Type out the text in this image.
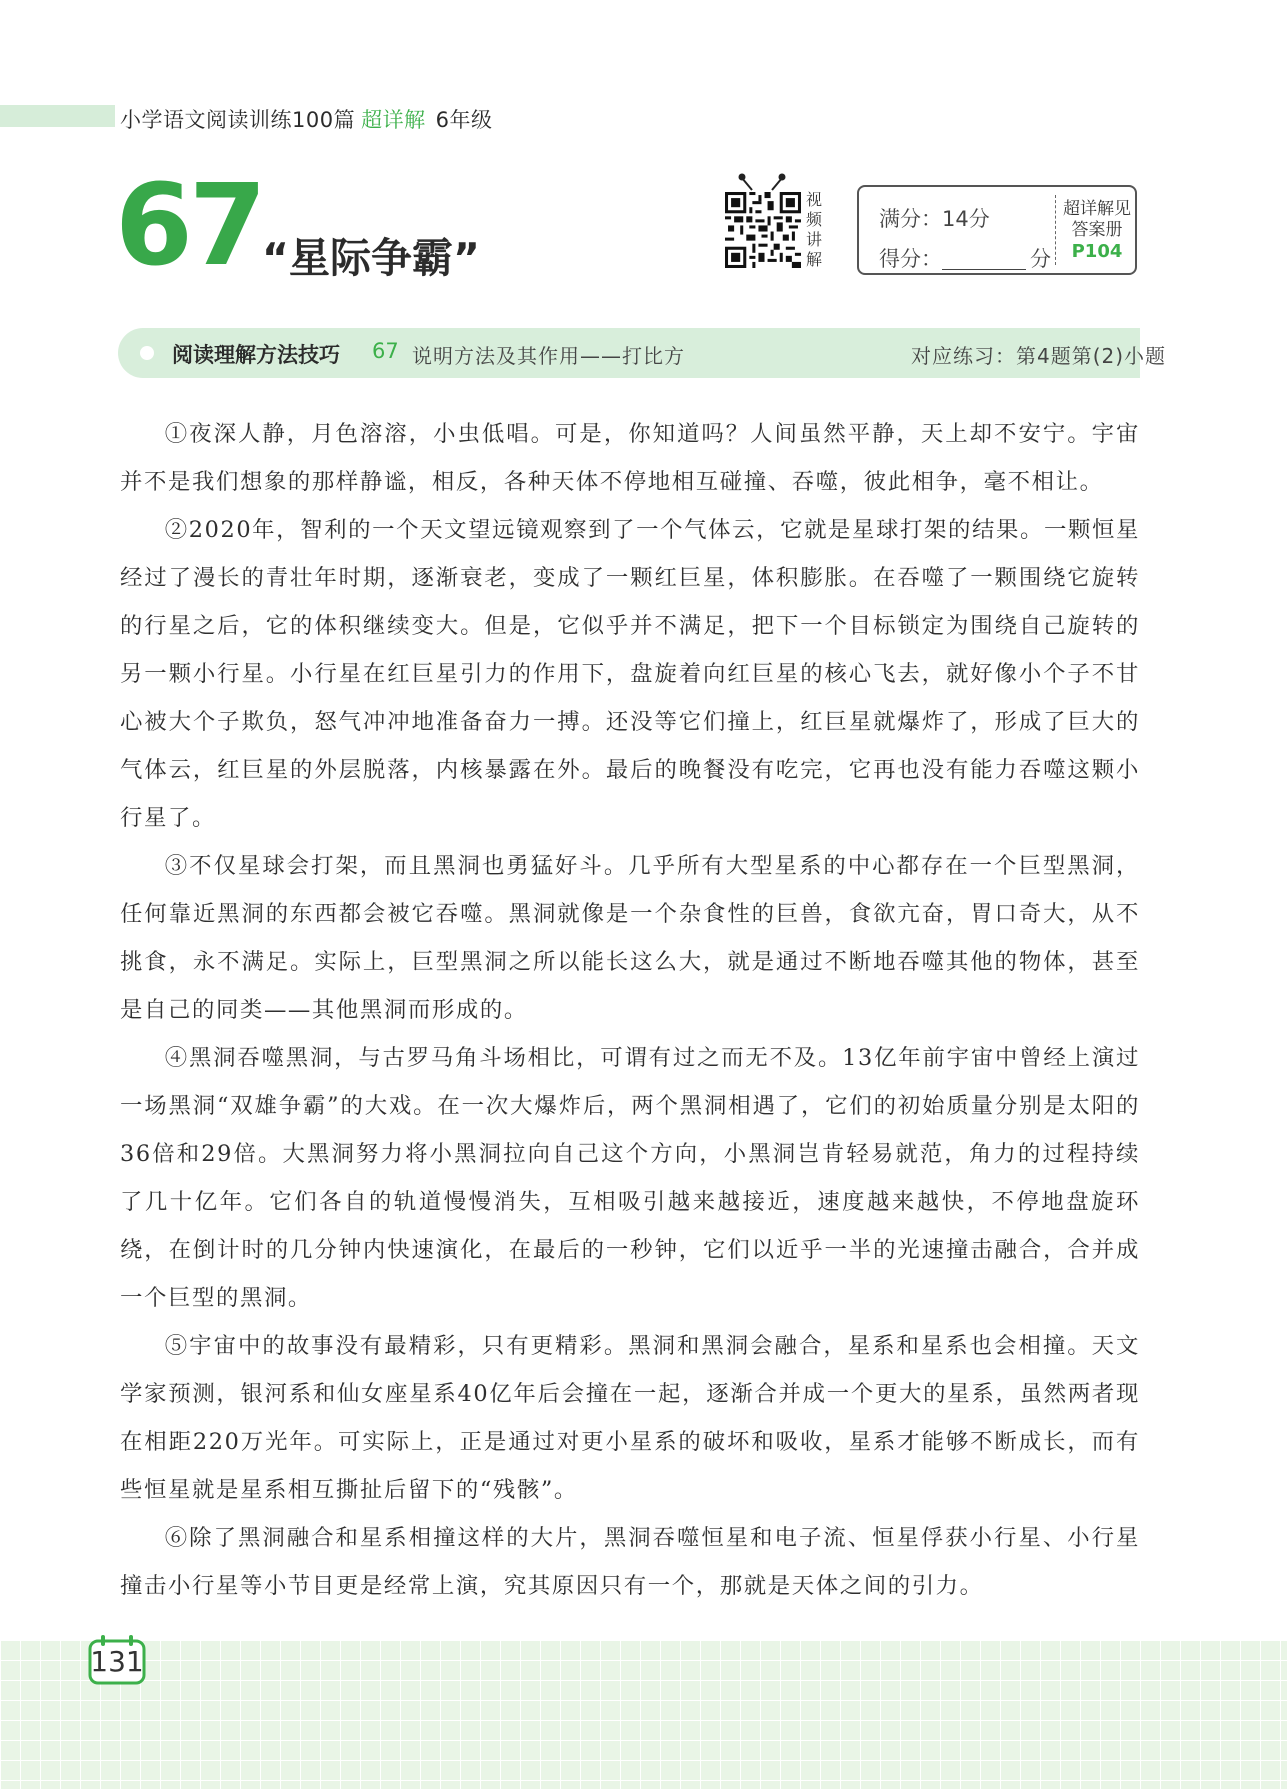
小学语文阅读训练100篇 超详解 6年级
67 “星际争霸”
视
频
讲
解
满分：14分
得分：	分
超详解见
答案册
P104
阅读理解方法技巧 67 说明方法及其作用——打比方	对应练习：第4题第(2)小题

①夜深人静，月色溶溶，小虫低唱。可是，你知道吗？人间虽然平静，天上却不安宁。宇宙并不是我们想象的那样静谧，相反，各种天体不停地相互碰撞、吞噬，彼此相争，毫不相让。

②2020年，智利的一个天文望远镜观察到了一个气体云，它就是星球打架的结果。一颗恒星经过了漫长的青壮年时期，逐渐衰老，变成了一颗红巨星，体积膨胀。在吞噬了一颗围绕它旋转的行星之后，它的体积继续变大。但是，它似乎并不满足，把下一个目标锁定为围绕自己旋转的另一颗小行星。小行星在红巨星引力的作用下，盘旋着向红巨星的核心飞去，就好像小个子不甘心被大个子欺负，怒气冲冲地准备奋力一搏。还没等它们撞上，红巨星就爆炸了，形成了巨大的气体云，红巨星的外层脱落，内核暴露在外。最后的晚餐没有吃完，它再也没有能力吞噬这颗小行星了。

③不仅星球会打架，而且黑洞也勇猛好斗。几乎所有大型星系的中心都存在一个巨型黑洞，任何靠近黑洞的东西都会被它吞噬。黑洞就像是一个杂食性的巨兽，食欲亢奋，胃口奇大，从不挑食，永不满足。实际上，巨型黑洞之所以能长这么大，就是通过不断地吞噬其他的物体，甚至是自己的同类——其他黑洞而形成的。

④黑洞吞噬黑洞，与古罗马角斗场相比，可谓有过之而无不及。13亿年前宇宙中曾经上演过一场黑洞“双雄争霸”的大戏。在一次大爆炸后，两个黑洞相遇了，它们的初始质量分别是太阳的36倍和29倍。大黑洞努力将小黑洞拉向自己这个方向，小黑洞岂肯轻易就范，角力的过程持续了几十亿年。它们各自的轨道慢慢消失，互相吸引越来越接近，速度越来越快，不停地盘旋环绕，在倒计时的几分钟内快速演化，在最后的一秒钟，它们以近乎一半的光速撞击融合，合并成一个巨型的黑洞。

⑤宇宙中的故事没有最精彩，只有更精彩。黑洞和黑洞会融合，星系和星系也会相撞。天文学家预测，银河系和仙女座星系40亿年后会撞在一起，逐渐合并成一个更大的星系，虽然两者现在相距220万光年。可实际上，正是通过对更小星系的破坏和吸收，星系才能够不断成长，而有些恒星就是星系相互撕扯后留下的“残骸”。

⑥除了黑洞融合和星系相撞这样的大片，黑洞吞噬恒星和电子流、恒星俘获小行星、小行星撞击小行星等小节目更是经常上演，究其原因只有一个，那就是天体之间的引力。

131
